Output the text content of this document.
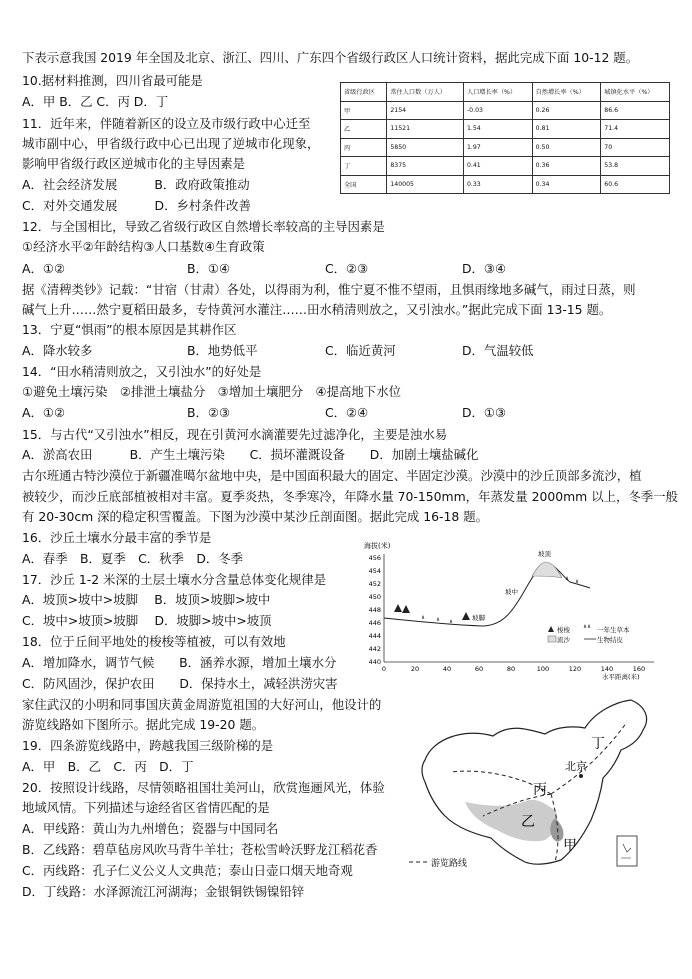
下表示意我国 2019 年全国及北京、浙江、四川、广东四个省级行政区人口统计资料，据此完成下面 10-12 题。
10.据材料推测，四川省最可能是
A．甲 B．乙 C．丙 D．丁
11．近年来，伴随着新区的设立及市级行政中心迁至
城市副中心，甲省级行政中心已出现了逆城市化现象，
影响甲省级行政区逆城市化的主导因素是
A．社会经济发展　　　B．政府政策推动
C．对外交通发展　　　D．乡村条件改善
12．与全国相比，导致乙省级行政区自然增长率较高的主导因素是
①经济水平②年龄结构③人口基数④生育政策
A．①②	B．①④	C．②③	D．③④
据《清稗类钞》记载：“甘宿（甘肃）各处，以得雨为利，惟宁夏不惟不望雨，且惧雨缘地多碱气，雨过日蒸，则
碱气上升……然宁夏稻田最多，专恃黄河水灌注……田水稍清则放之，又引浊水。”据此完成下面 13-15 题。
13．宁夏“惧雨”的根本原因是其耕作区
A．降水较多	B．地势低平	C．临近黄河	D．气温较低
14．“田水稍清则放之，又引浊水”的好处是
①避免土壤污染　②排泄土壤盐分　③增加土壤肥分　④提高地下水位
A．①②	B．②③	C．②④	D．①③
15．与古代“又引浊水”相反，现在引黄河水滴灌要先过滤净化，主要是浊水易
A．淤高农田　　　B．产生土壤污染　　C．损坏灌溉设备　　D．加剧土壤盐碱化
古尔班通古特沙漠位于新疆准噶尔盆地中央，是中国面积最大的固定、半固定沙漠。沙漠中的沙丘顶部多流沙，植
被较少，而沙丘底部植被相对丰富。夏季炎热，冬季寒冷，年降水量 70-150mm，年蒸发量 2000mm 以上，冬季一般
有 20-30cm 深的稳定积雪覆盖。下图为沙漠中某沙丘剖面图。据此完成 16-18 题。
16．沙丘土壤水分最丰富的季节是
A．春季　B．夏季　C．秋季　D．冬季
17．沙丘 1-2 米深的土层土壤水分含量总体变化规律是
A．坡顶>坡中>坡脚　 B．坡顶>坡脚>坡中
C．坡中>坡顶>坡脚　 D．坡脚>坡中>坡顶
18．位于丘间平地处的梭梭等植被，可以有效地
A．增加降水，调节气候　　B．涵养水源，增加土壤水分
C．防风固沙，保护农田　　D．保持水土，减轻洪涝灾害
家住武汉的小明和同事国庆黄金周游览祖国的大好河山，他设计的
游览线路如下图所示。据此完成 19-20 题。
19．四条游览线路中，跨越我国三级阶梯的是
A．甲　B．乙　C．丙　D．丁
20．按照设计线路，尽情领略祖国壮美河山，欣赏迤逦风光，体验
地域风情。下列描述与途经省区省情匹配的是
A．甲线路：黄山为九州增色；瓷器与中国同名
B．乙线路：碧草毡房风吹马背牛羊壮；苍松雪岭沃野龙江稻花香
C．丙线路：孔子仁义公义人文典范；泰山日壶口烟天地奇观
D．丁线路：水泽源流江河湖海；金银铜铁锡镍铅锌
省级行政区	常住人口数（万人）	人口增长率（%）	自然增长率（%）	城镇化水平（%）
甲	2154	-0.03	0.26	86.6
乙	11521	1.54	0.81	71.4
丙	5850	1.97	0.50	70
丁	8375	0.41	0.36	53.8
全国	140005	0.33	0.34	60.6
海拔(米)
456
454
452
450
448
446
444
442
440
0	20	40	60	80	100	120	140	160
水平距离(米)
坡顶
坡中
坡脚
梭梭	一年生草本
流沙	生物结皮
北京
丁
丙
乙
甲
游览路线
